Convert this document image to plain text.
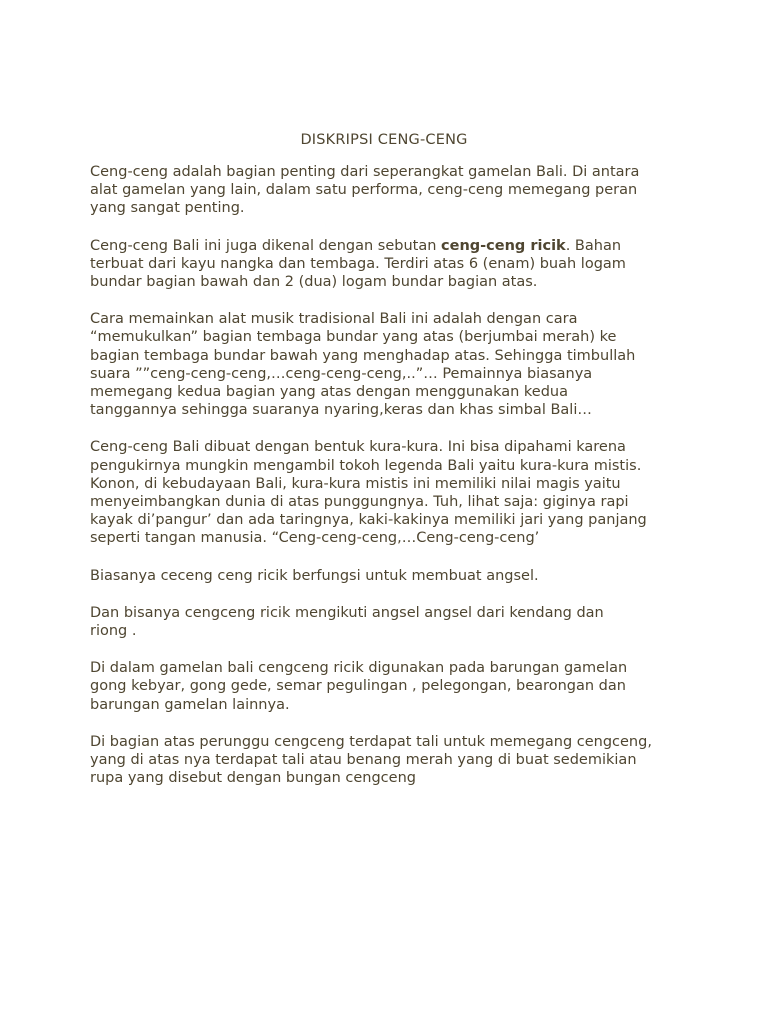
DISKRIPSI CENG-CENG

Ceng-ceng adalah bagian penting dari seperangkat gamelan Bali. Di antara
alat gamelan yang lain, dalam satu performa, ceng-ceng memegang peran
yang sangat penting.

Ceng-ceng Bali ini juga dikenal dengan sebutan ceng-ceng ricik. Bahan
terbuat dari kayu nangka dan tembaga. Terdiri atas 6 (enam) buah logam
bundar bagian bawah dan 2 (dua) logam bundar bagian atas.

Cara memainkan alat musik tradisional Bali ini adalah dengan cara
“memukulkan” bagian tembaga bundar yang atas (berjumbai merah) ke
bagian tembaga bundar bawah yang menghadap atas. Sehingga timbullah
suara ””ceng-ceng-ceng,…ceng-ceng-ceng,..”… Pemainnya biasanya
memegang kedua bagian yang atas dengan menggunakan kedua
tanggannya sehingga suaranya nyaring,keras dan khas simbal Bali…

Ceng-ceng Bali dibuat dengan bentuk kura-kura. Ini bisa dipahami karena
pengukirnya mungkin mengambil tokoh legenda Bali yaitu kura-kura mistis.
Konon, di kebudayaan Bali, kura-kura mistis ini memiliki nilai magis yaitu
menyeimbangkan dunia di atas punggungnya. Tuh, lihat saja: giginya rapi
kayak di’pangur’ dan ada taringnya, kaki-kakinya memiliki jari yang panjang
seperti tangan manusia. “Ceng-ceng-ceng,…Ceng-ceng-ceng’

Biasanya ceceng ceng ricik berfungsi untuk membuat angsel.

Dan bisanya cengceng ricik mengikuti angsel angsel dari kendang dan
riong .

Di dalam gamelan bali cengceng ricik digunakan pada barungan gamelan
gong kebyar, gong gede, semar pegulingan , pelegongan, bearongan dan
barungan gamelan lainnya.

Di bagian atas perunggu cengceng terdapat tali untuk memegang cengceng,
yang di atas nya terdapat tali atau benang merah yang di buat sedemikian
rupa yang disebut dengan bungan cengceng
